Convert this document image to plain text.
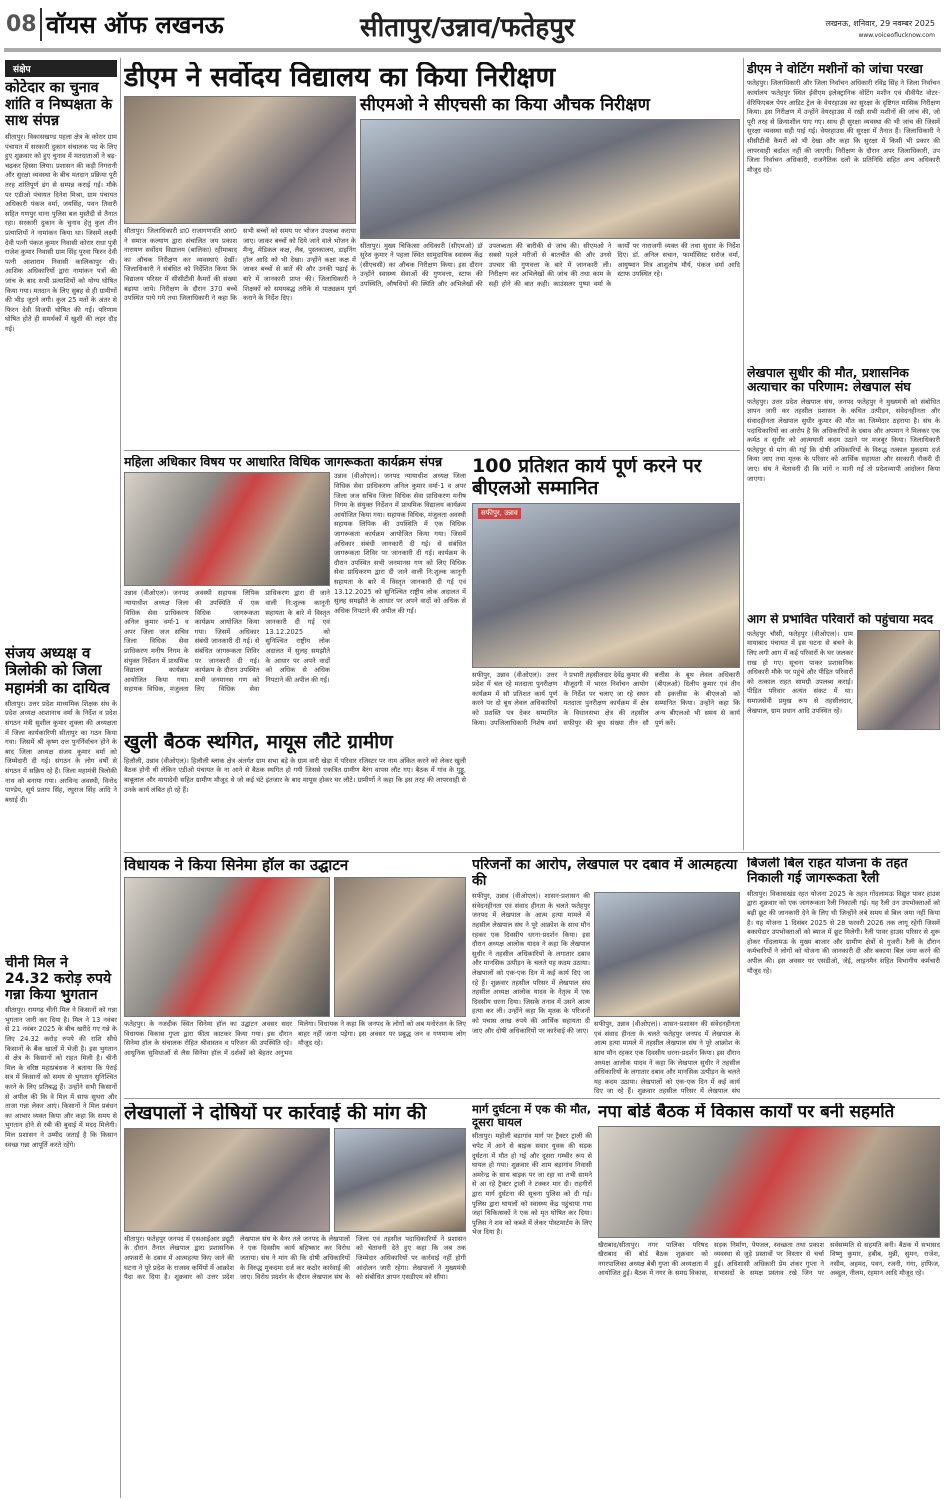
08 वॉयस ऑफ लखनऊ	सीतापुर/उन्नाव/फतेहपुर	लखनऊ, शनिवार, 29 नवम्बर 2025
www.voiceoflucknow.com
संक्षेप
कोटेदार का चुनाव शांति व निष्पक्षता के साथ संपन्न
सीतापुर। विकासखण्ड पहला क्षेत्र के कोरार ग्राम पंचायत में सरकारी दुकान संचालक पद के लिए हुए शुक्रवार को हुए चुनाव में मतदाताओं ने बढ़-चढ़कर हिस्सा लिया। प्रशासन की कड़ी निगरानी और सुरक्षा व्यवस्था के बीच मतदान प्रक्रिया पूरी तरह शांतिपूर्ण ढंग से सम्पन्न कराई गई। मौके पर एडीओ पंचायत दिनेश मिश्रा, ग्राम पंचायत अधिकारी पंकज वर्मा, जयसिंह, पवन तिवारी सहित गणपुर थाना पुलिस बल मुस्तैदी से तैनात रहा। सरकारी दुकान के चुनाव हेतु कुल तीन प्रत्याशियों ने नामांकन किया था। जिसमें लक्ष्मी देवी पत्नी पंकज कुमार निवासी कोरार राधा पुत्री राजेश कुमार निवासी ग्राम सिंह पुरवा फिरन देवी पत्नी आशाराम निवासी कालिकापुर थी। आशिक अधिकारियों द्वारा नामांकन पत्रों की जांच के बाद सभी प्रत्याशियों को योग्य घोषित किया गया। मतदान के लिए सुबह से ही ग्रामीणों की भीड़ जुटने लगी। कुल 25 मतों के अंतर से फिरन देवी विजयी घोषित की गईं। परिणाम घोषित होते ही समर्थकों में खुशी की लहर दौड़ गई।
संजय अध्यक्ष व त्रिलोकी को जिला महामंत्री का दायित्व
सीतापुर। उत्तर प्रदेश माध्यमिक शिक्षक संघ के प्रदेश अध्यक्ष आशानाथ वर्मा के निर्देश व प्रदेश संगठन मंत्री सुशील कुमार शुक्ला की अध्यक्षता में जिला कार्यकारिणी सीतापुर का गठन किया गया। जिसमें श्री कृष्ण दत्त पुनर्निर्वाचन होने के बाद जिला अध्यक्ष संजय कुमार वर्मा को जिम्मेदारी दी गई। संगठन के लोग वर्षों से संगठन में सक्रिय रहे हैं। जिला महामंत्री त्रिलोकी नाथ को बनाया गया। अरविन्द अवस्थी, विनोद पाण्डेय, सूर्य प्रताप सिंह, रघुराज सिंह आदि ने बधाई दी।
चीनी मिल ने 24.32 करोड़ रुपये गन्ना किया भुगतान
सीतापुर। रामगढ़ चीनी मिल ने किसानों को गन्ना भुगतान जारी कर दिया है। मिल ने 13 नवंबर से 21 नवंबर 2025 के बीच खरीदे गए गन्ने के लिए 24.32 करोड़ रुपये की राशि सीधे किसानों के बैंक खातों में भेजी है। इस भुगतान से क्षेत्र के किसानों को राहत मिली है। चीनी मिल के वरिष्ठ महाप्रबंधक ने बताया कि पेराई सत्र में किसानों को समय से भुगतान सुनिश्चित करने के लिए प्रतिबद्ध हैं। उन्होंने सभी किसानों से अपील की कि वे मिल में साफ सुथरा और ताजा गन्ना लेकर आएं। किसानों ने मिल प्रबंधन का आभार व्यक्त किया और कहा कि समय से भुगतान होने से रबी की बुवाई में मदद मिलेगी। मिल प्रशासन ने उम्मीद जताई है कि किसान स्वच्छ गन्ना आपूर्ति करते रहेंगे।
डीएम ने सर्वोदय विद्यालय का किया निरीक्षण
सीतापुर। जिलाधिकारी डा0 राजागणपति आर0 ने समाज कल्याण द्वारा संचालित जय प्रकाश नारायण सर्वोदय विद्यालय (बालिका) रहीमाबाद का औचक निरीक्षण कर व्यवस्थाएं देखीं। जिलाधिकारी ने संबंधित को निर्देशित किया कि विद्यालय परिसर में सीसीटीवी कैमरों की संख्या बढ़ाया जाये। निरीक्षण के दौरान 370 बच्चें उपस्थित पाये गये तथा जिलाधिकारी ने कहा कि सभी बच्चों को समय पर भोजन उपलब्ध कराया जाए। जाकर बच्चों को दिये जाने वाले भोजन के मैन्यू, मेडिकल कक्ष, लैब, पुस्तकालय, डाइनिंग हॉल आदि को भी देखा। उन्होंने कक्षा कक्ष में जाकर बच्चों से बातें की और उनकी पढ़ाई के बारे में जानकारी प्राप्त की। जिलाधिकारी ने शिक्षकों को समयबद्ध तरीके से पाठ्यक्रम पूर्ण कराने के निर्देश दिए।
सीएमओ ने सीएचसी का किया औचक निरीक्षण
सीतापुर। मुख्य चिकित्सा अधिकारी (सीएमओ) डॉ सुरेश कुमार ने पहला स्थित सामुदायिक स्वास्थ्य केंद्र (सीएचसी) का औचक निरीक्षण किया। इस दौरान उन्होंने स्वास्थ्य सेवाओं की गुणवत्ता, स्टाफ की उपस्थिति, औषधियों की स्थिति और अभिलेखों की उपलब्धता की बारीकी से जांच की। सीएमओ ने सबसे पहले मरीजों से बातचीत की और उनसे उपचार की गुणवत्ता के बारे में जानकारी ली। निरीक्षण कर अभिलेखों की जांच की तथा काम के सही होने की बात कही। काउंसलर पुष्पा वर्मा के कार्यों पर नाराजगी व्यक्त की तथा सुधार के निर्देश दिए। डॉ. अनिल सचान, फार्मासिस्ट सरोज वर्मा, आयुष्मान मित्र आशुतोष मौर्य, पंकज वर्मा आदि स्टाफ उपस्थित रहे।
महिला अधिकार विषय पर आधारित विधिक जागरूकता कार्यक्रम संपन्न
उन्नाव (वीओएल)। जनपद न्यायाधीश अध्यक्ष जिला विधिक सेवा प्राधिकरण अनिल कुमार वर्मा-1 व अपर जिला जज सचिव जिला विधिक सेवा प्राधिकरण मनीष निगम के संयुक्त निर्देशन में प्राथमिक विद्यालय कार्यक्रम आयोजित किया गया। सहायक विधिक, मंजुलता अवस्थी सहायक लिपिक की उपस्थिति में एक विधिक जागरूकता कार्यक्रम आयोजित किया गया। जिसमें अधिकार संबंधी जानकारी दी गई। से संबंधित जागरूकता शिविर पर जानकारी दी गई। कार्यक्रम के दौरान उपस्थित सभी जनमानस गण को लिए विधिक सेवा प्राधिकरण द्वारा दी जाने वाली नि:शुल्क कानूनी सहायता के बारे में विस्तृत जानकारी दी गई एवं 13.12.2025 को सुनिश्चित राष्ट्रीय लोक अदालत में सुलह समझौते के आधार पर अपने वादों को अधिक से अधिक निपटाने की अपील की गई।
उन्नाव (वीओएल)। जनपद न्यायाधीश अध्यक्ष जिला विधिक सेवा प्राधिकरण अनिल कुमार वर्मा-1 व अपर जिला जज सचिव जिला विधिक सेवा प्राधिकरण मनीष निगम के संयुक्त निर्देशन में प्राथमिक विद्यालय कार्यक्रम आयोजित किया गया। सहायक विधिक, मंजुलता अवस्थी सहायक लिपिक की उपस्थिति में एक विधिक जागरूकता कार्यक्रम आयोजित किया गया। जिसमें अधिकार संबंधी जानकारी दी गई। से संबंधित जागरूकता शिविर पर जानकारी दी गई। कार्यक्रम के दौरान उपस्थित सभी जनमानस गण को लिए विधिक सेवा प्राधिकरण द्वारा दी जाने वाली नि:शुल्क कानूनी सहायता के बारे में विस्तृत जानकारी दी गई एवं 13.12.2025 को सुनिश्चित राष्ट्रीय लोक अदालत में सुलह समझौते के आधार पर अपने वादों को अधिक से अधिक निपटाने की अपील की गई।
100 प्रतिशत कार्य पूर्ण करने पर बीएलओ सम्मानित
सफीपुर, उन्नाव
सफीपुर, उन्नाव (वीओएल)। उत्तर प्रदेश में चल रहे मतदाता पुनरीक्षण कार्यक्रम में सौ प्रतिशत कार्य पूर्ण करने पर दो बूथ लेवल अधिकारियों को प्रशस्ति पत्र देकर सम्मानित किया। उपजिलाधिकारी निशेष वर्मा ने प्रभारी तहसीलदार देवेंद्र कुमार की मौजूदगी में भारत निर्वाचन आयोग के निर्देश पर चलाए जा रहे सघन मतदाता पुनरीक्षण कार्यक्रम में क्षेत्र के विधानसभा क्षेत्र की तहसील सफीपुर की बूथ संख्या तीन सौ बत्तीस के बूथ लेवल अधिकारी (बीएलओ) दिलीप कुमार एवं तीन सौ इकत्तीस के बीएलओ को सम्मानित किया। उन्होंने कहा कि अन्य बीएलओ भी समय से कार्य पूर्ण करें।
खुली बैठक स्थगित, मायूस लौटे ग्रामीण
हिलौली, उन्नाव (वीओएल)। हिलौली ब्लाक क्षेत्र अंतर्गत ग्राम सभा बड़े के ग्राम वारी खेड़ा में परिवार रजिस्टर पर नाम अंकित करने को लेकर खुली बैठक होनी थी लेकिन एडीओ पंचायत के ना आने से बैठक स्थगित हो गयी जिससे एकत्रित ग्रामीण बैरंग वापस लौट गए। बैठक में गांव के गुड्डू, बाबूलाल और मायादेवी सहित ग्रामीण मौजूद थे जो कई घंटे इंतजार के बाद मायूस होकर घर लौटे। ग्रामीणों ने कहा कि इस तरह की लापरवाही से उनके कार्य लंबित हो रहे हैं।
विधायक ने किया सिनेमा हॉल का उद्घाटन
फतेहपुर। के नजदीक स्थित सिनेमा हॉल का उद्घाटन अवसर सदर विधायक विकास गुप्ता द्वारा फीता काटकर किया गया। इस दौरान सिनेमा हॉल के संचालक रोहित श्रीवास्तव व परिजन की उपस्थिति रहे। आधुनिक सुविधाओं से लैस सिनेमा हॉल में दर्शकों को बेहतर अनुभव मिलेगा। विधायक ने कहा कि जनपद के लोगों को अब मनोरंजन के लिए बाहर नहीं जाना पड़ेगा। इस अवसर पर प्रबुद्ध जन व गणमान्य लोग मौजूद रहे।
परिजनों का आरोप, लेखपाल पर दबाव में आत्महत्या की
सफीपुर, उन्नाव (वीओएल)। शासन-प्रशासन की संवेदनहीनता एवं संवाद हीनता के चलते फतेहपुर जनपद में लेखपाल के आत्म हत्या मामले में तहसील लेखपाल संघ ने पूरे आक्रोश के साथ मौन रहकर एक दिवसीय धरना-प्रदर्शन किया। इस दौरान अध्यक्ष आलोक यादव ने कहा कि लेखपाल सुधीर ने तहसील अधिकारियों के लगातार दबाव और मानसिक उत्पीड़न के चलते यह कदम उठाया। लेखपालों को एक-एक दिन में कई कार्य दिए जा रहे हैं। शुक्रवार तहसील परिसर में लेखपाल संघ तहसील अध्यक्ष आलोक यादव के नेतृत्व में एक दिवसीय धरना दिया। जिसके तनाव में उसने आत्म हत्या कर ली। उन्होंने कहा कि मृतक के परिजनों को पचास लाख रुपये की आर्थिक सहायता दी जाए और दोषी अधिकारियों पर कार्रवाई की जाए।
सफीपुर, उन्नाव (वीओएल)। शासन-प्रशासन की संवेदनहीनता एवं संवाद हीनता के चलते फतेहपुर जनपद में लेखपाल के आत्म हत्या मामले में तहसील लेखपाल संघ ने पूरे आक्रोश के साथ मौन रहकर एक दिवसीय धरना-प्रदर्शन किया। इस दौरान अध्यक्ष आलोक यादव ने कहा कि लेखपाल सुधीर ने तहसील अधिकारियों के लगातार दबाव और मानसिक उत्पीड़न के चलते यह कदम उठाया। लेखपालों को एक-एक दिन में कई कार्य दिए जा रहे हैं। शुक्रवार तहसील परिसर में लेखपाल संघ
लेखपालों ने दोषियों पर कार्रवाई की मांग की
सीतापुर। फतेहपुर जनपद में एसआईआर ड्यूटी के दौरान तैनात लेखपाल द्वारा प्रशासनिक अफसरों के दबाव में आत्महत्या किए जाने की घटना ने पूरे प्रदेश के राजस्व कर्मियों में आक्रोश पैदा कर दिया है। शुक्रवार को उत्तर प्रदेश लेखपाल संघ के बैनर तले जनपद के लेखपालों ने एक दिवसीय कार्य बहिष्कार कर विरोध जताया। संघ ने मांग की कि दोषी अधिकारियों के विरुद्ध मुकदमा दर्ज कर कठोर कार्रवाई की जाए। विरोध प्रदर्शन के दौरान लेखपाल संघ के जिला एवं तहसील पदाधिकारियों ने प्रशासन को चेतावनी देते हुए कहा कि जब तक जिम्मेदार अधिकारियों पर कार्रवाई नहीं होगी आंदोलन जारी रहेगा। लेखपालों ने मुख्यमंत्री को संबोधित ज्ञापन एसडीएम को सौंपा।
मार्ग दुर्घटना में एक की मौत, दूसरा घायल
सीतापुर। महोली बड़ागांव मार्ग पर ट्रैक्टर ट्राली की चपेट में आने से बाइक सवार युवक की सड़क दुर्घटना में मौत हो गई और दूसरा गम्भीर रूप से घायल हो गया। शुक्रवार की शाम बड़ागांव निवासी अमरेन्द्र के साथ बाइक पर जा रहा था तभी सामने से आ रहे ट्रैक्टर ट्राली ने टक्कर मार दी। राहगीरों द्वारा मार्ग दुर्घटना की सूचना पुलिस को दी गई। पुलिस द्वारा घायलों को स्वास्थ्य केंद्र पहुंचाया गया जहां चिकित्सकों ने एक को मृत घोषित कर दिया। पुलिस ने शव को कब्जे में लेकर पोस्टमार्टम के लिए भेज दिया है।
नपा बोर्ड बैठक में विकास कार्यों पर बनी सहमति
खैराबाद/सीतापुर। नगर पालिका परिषद खैराबाद की बोर्ड बैठक शुक्रवार को नगरपालिका अध्यक्ष बेबी गुप्ता की अध्यक्षता में आयोजित हुई। बैठक में नगर के समग्र विकास, सड़क निर्माण, पेयजल, स्वच्छता तथा प्रकाश व्यवस्था से जुड़े प्रस्तावों पर विस्तार से चर्चा हुई। अधिशासी अधिकारी प्रेम शंकर गुप्ता ने सभासदों के समक्ष प्रस्ताव रखे जिन पर सर्वसम्मति से सहमति बनी। बैठक में सभासद विष्णु कुमार, हबीब, मुन्नी, सुमन, राजेश, नसीम, अहमद, पवन, रजनी, गंगा, हाफिज, अब्दुल, नीलम, रहमान आदि मौजूद रहे।
डीएम ने वोटिंग मशीनों को जांचा परखा
फतेहपुर। जिलाधिकारी और जिला निर्वाचन अधिकारी रविंद्र सिंह ने जिला निर्वाचन कार्यालय फतेहपुर स्थित ईवीएम इलेक्ट्रानिक वोटिंग मशीन एवं वीवीपैट वोटर-वेरिफिएबल पेपर आडिट ट्रेल के वेयरहाउस का सुरक्षा के दृष्टिगत मासिक निरीक्षण किया। इस निरीक्षण में उन्होंने वेयरहाउस में रखी सभी मशीनों की जांच की, जो पूरी तरह से क्रियाशील पाए गए। साथ ही सुरक्षा व्यवस्था की भी जांच की जिसमें सुरक्षा व्यवस्था सही पाई गई। वेयरहाउस की सुरक्षा में तैनात हैं। जिलाधिकारी ने सीसीटीवी कैमरों को भी देखा और कहा कि सुरक्षा में किसी भी प्रकार की लापरवाही बर्दाश्त नहीं की जाएगी। निरीक्षण के दौरान अपर जिलाधिकारी, उप जिला निर्वाचन अधिकारी, राजनैतिक दलों के प्रतिनिधि सहित अन्य अधिकारी मौजूद रहे।
लेखपाल सुधीर की मौत, प्रशासनिक अत्याचार का परिणाम: लेखपाल संघ
फतेहपुर। उत्तर प्रदेश लेखपाल संघ, जनपद फतेहपुर ने मुख्यमंत्री को संबोधित ज्ञापन जारी कर तहसील प्रशासन के कथित उत्पीड़न, संवेदनहीनता और संवादहीनता लेखपाल सुधीर कुमार की मौत का जिम्मेदार ठहराया है। संघ के पदाधिकारियों का आरोप है कि अधिकारियों के दबाव और अपमान ने मिलकर एक कर्मठ व सुधीर को आत्मघाती कदम उठाने पर मजबूर किया। जिलाधिकारी फतेहपुर से मांग की गई कि दोषी अधिकारियों के विरुद्ध तत्काल मुकदमा दर्ज किया जाए तथा मृतक के परिवार को आर्थिक सहायता और सरकारी नौकरी दी जाए। संघ ने चेतावनी दी कि मांगें न मानी गईं तो प्रदेशव्यापी आंदोलन किया जाएगा।
आग से प्रभावित परिवारों को पहुंचाया मदद
फतेहपुर चौसी, फतेहपुर (वीओएल)। ग्राम मायाबाद पंचायत में इस घटना से बचने के लिए लगी आग में कई परिवारों के घर जलकर राख हो गए। सूचना पाकर प्रशासनिक अधिकारी मौके पर पहुंचे और पीड़ित परिवारों को तत्काल राहत सामग्री उपलब्ध कराई। पीड़ित परिवार अत्यंत संकट में था। समाजसेवी प्रमुख रूप से तहसीलदार, लेखपाल, ग्राम प्रधान आदि उपस्थित रहे।
बिजली बिल राहत योजना के तहत निकाली गई जागरूकता रैली
सीतापुर। विकासखंड रहत योजना 2025 के तहत गोंदलामऊ विद्युत पावर हाउस द्वारा शुक्रवार को एक जागरूकता रैली निकाली गई। यह रैली उन उपभोक्ताओं को बढ़ी छूट की जानकारी देने के लिए थी जिन्होंने लंबे समय से बिल जमा नहीं किया है। यह योजना 1 दिसंबर 2025 से 28 फरवरी 2026 तक लागू रहेगी जिसमें बकायेदार उपभोक्ताओं को ब्याज में छूट मिलेगी। रैली पावर हाउस परिसर से शुरू होकर गोंदलामऊ के मुख्य बाजार और ग्रामीण क्षेत्रों से गुजरी। रैली के दौरान कर्मचारियों ने लोगों को योजना की जानकारी दी और बकाया बिल जमा करने की अपील की। इस अवसर पर एसडीओ, जेई, लाइनमैन सहित विभागीय कर्मचारी मौजूद रहे।
